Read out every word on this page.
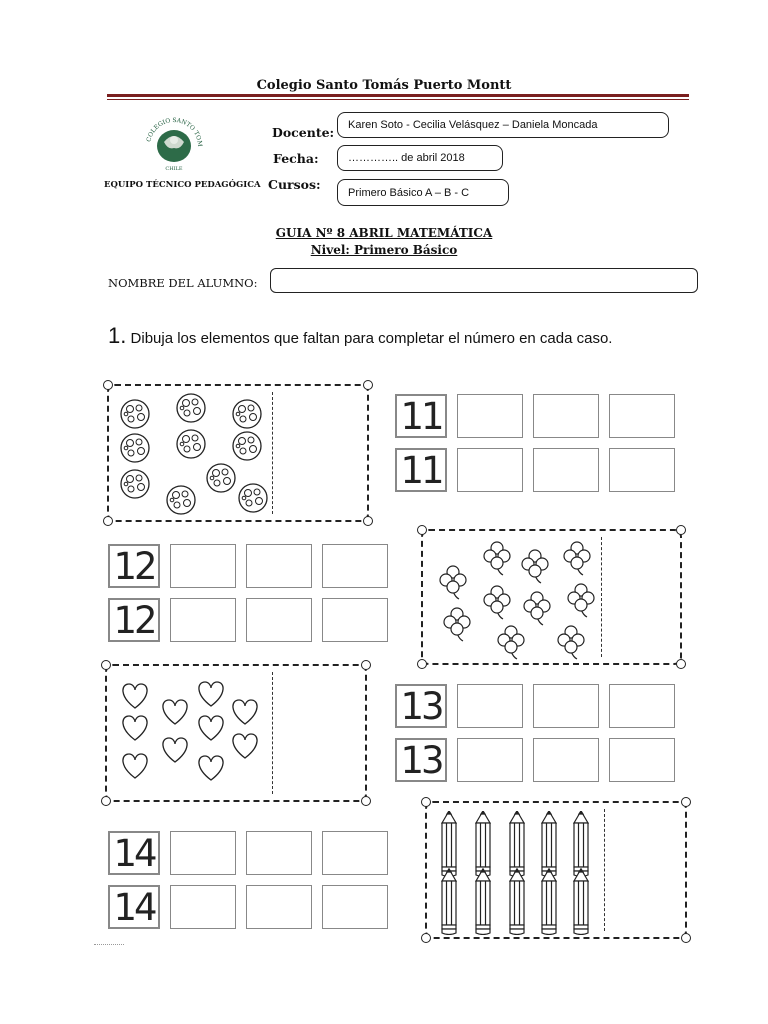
Colegio Santo Tomás Puerto Montt
COLEGIO SANTO TOM
CHILE
EQUIPO TÉCNICO PEDAGÓGICA
Docente:	Karen Soto - Cecilia Velásquez – Daniela Moncada
Fecha:	………….. de abril 2018
Cursos:
Primero Básico A – B - C
GUIA Nº 8 ABRIL MATEMÁTICA
Nivel: Primero Básico
NOMBRE DEL ALUMNO:
1. Dibuja los elementos que faltan para completar el número en cada caso.
11
11
12
12
13
13
14
14
